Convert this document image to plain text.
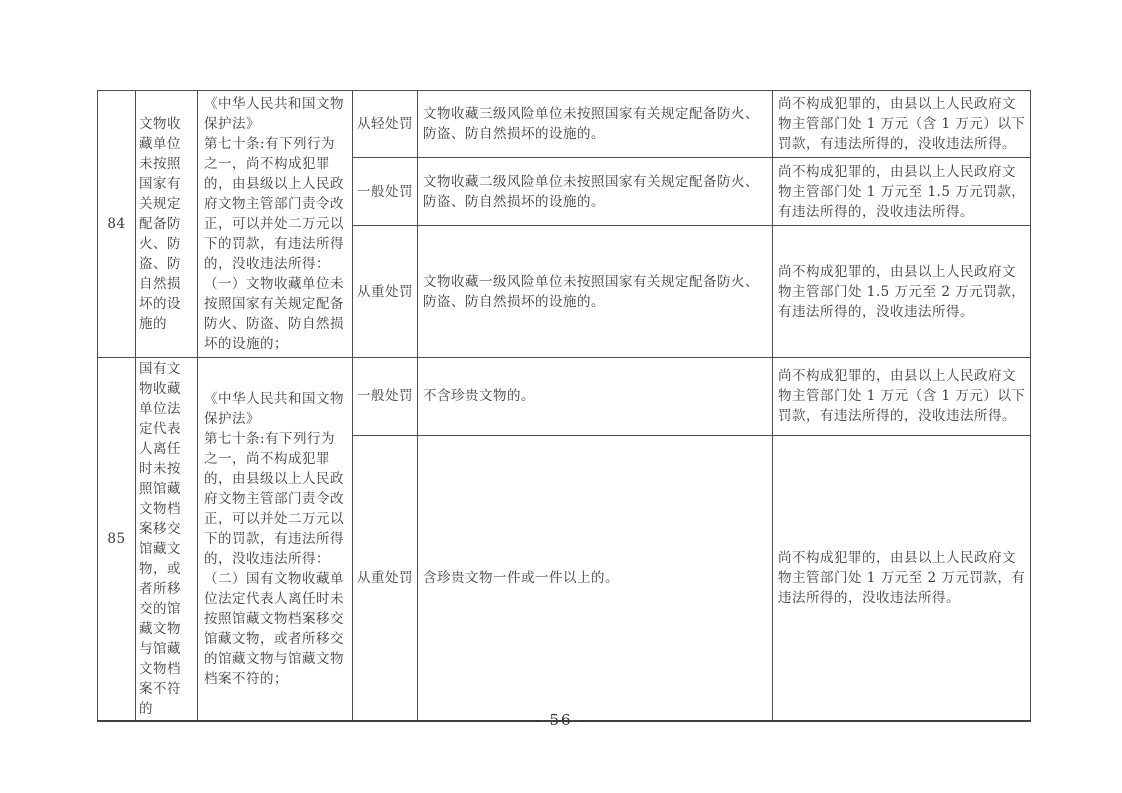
84	文物收藏单位未按照国家有关规定配备防火、防盗、防自然损坏的设施的	《中华人民共和国文物保护法》
第七十条:有下列行为之一，尚不构成犯罪的，由县级以上人民政府文物主管部门责令改正，可以并处二万元以下的罚款，有违法所得的，没收违法所得：（一）文物收藏单位未按照国家有关规定配备防火、防盗、防自然损坏的设施的；	从轻处罚	文物收藏三级风险单位未按照国家有关规定配备防火、防盗、防自然损坏的设施的。	尚不构成犯罪的，由县以上人民政府文物主管部门处 1 万元（含 1 万元）以下罚款，有违法所得的，没收违法所得。
			一般处罚	文物收藏二级风险单位未按照国家有关规定配备防火、防盗、防自然损坏的设施的。	尚不构成犯罪的，由县以上人民政府文物主管部门处 1 万元至 1.5 万元罚款，有违法所得的，没收违法所得。
			从重处罚	文物收藏一级风险单位未按照国家有关规定配备防火、防盗、防自然损坏的设施的。	尚不构成犯罪的，由县以上人民政府文物主管部门处 1.5 万元至 2 万元罚款，有违法所得的，没收违法所得。
85	国有文物收藏单位法定代表人离任时未按照馆藏文物档案移交馆藏文物，或者所移交的馆藏文物与馆藏文物档案不符的	《中华人民共和国文物保护法》
第七十条:有下列行为之一，尚不构成犯罪的，由县级以上人民政府文物主管部门责令改正，可以并处二万元以下的罚款，有违法所得的，没收违法所得：（二）国有文物收藏单位法定代表人离任时未按照馆藏文物档案移交馆藏文物，或者所移交的馆藏文物与馆藏文物档案不符的；	一般处罚	不含珍贵文物的。	尚不构成犯罪的，由县以上人民政府文物主管部门处 1 万元（含 1 万元）以下罚款，有违法所得的，没收违法所得。
			从重处罚	含珍贵文物一件或一件以上的。	尚不构成犯罪的，由县以上人民政府文物主管部门处 1 万元至 2 万元罚款，有违法所得的，没收违法所得。
- 56 -
